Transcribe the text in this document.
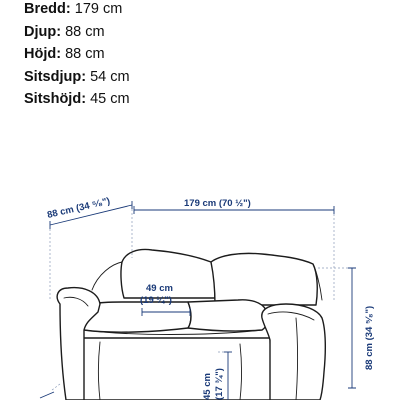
Bredd: 179 cm
Djup: 88 cm
Höjd: 88 cm
Sitsdjup: 54 cm
Sitshöjd: 45 cm
88 cm (34 ⁵⁄₈")	179 cm (70 ½")
88 cm (34 ⁵⁄₈")
49 cm
(19 ¼")
45 cm (17 ¾")
